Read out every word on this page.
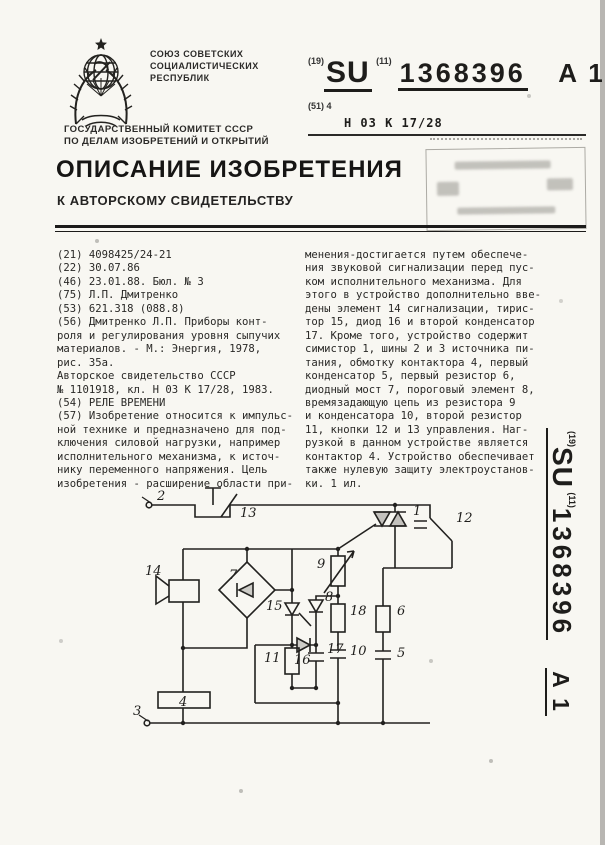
СОЮЗ СОВЕТСКИХ
СОЦИАЛИСТИЧЕСКИХ
РЕСПУБЛИК
ГОСУДАРСТВЕННЫЙ КОМИТЕТ СССР
ПО ДЕЛАМ ИЗОБРЕТЕНИЙ И ОТКРЫТИЙ
$^{(19)}$SU $^{(11)}$ 1368396 А 1
$^{(51) 4}$ Н 03 К 17/28
ОПИСАНИЕ ИЗОБРЕТЕНИЯ
К АВТОРСКОМУ СВИДЕТЕЛЬСТВУ
(21) 4098425/24-21
(22) 30.07.86
(46) 23.01.88. Бюл. № 3
(75) Л.П. Дмитренко
(53) 621.318 (088.8)
(56) Дмитренко Л.П. Приборы конт-
роля и регулирования уровня сыпучих
материалов. - М.: Энергия, 1978,
рис. 35а.
Авторское свидетельство СССР
№ 1101918, кл. Н 03 К 17/28, 1983.
(54) РЕЛЕ ВРЕМЕНИ
(57) Изобретение относится к импульс-
ной технике и предназначено для под-
ключения силовой нагрузки, например
исполнительного механизма, к источ-
нику переменного напряжения. Цель
изобретения - расширение области при-
менения-достигается путем обеспече-
ния звуковой сигнализации перед пус-
ком исполнительного механизма. Для
этого в устройство дополнительно вве-
дены элемент 14 сигнализации, тирис-
тор 15, диод 16 и второй конденсатор
17. Кроме того, устройство содержит
симистор 1, шины 2 и 3 источника пи-
тания, обмотку контактора 4, первый
конденсатор 5, первый резистор 6,
диодный мост 7, пороговый элемент 8,
времязадающую цепь из резистора 9
и конденсатора 10, второй резистор
11, кнопки 12 и 13 управления. Наг-
рузкой в данном устройстве является
контактор 4. Устройство обеспечивает
также нулевую защиту электроустанов-
ки. 1 ил.
2
13	1	12
14	7
9
15
8
18 6
16
11
17 10 5
4
3
$^{(19)}$SU $^{(11)}$1368396А 1
